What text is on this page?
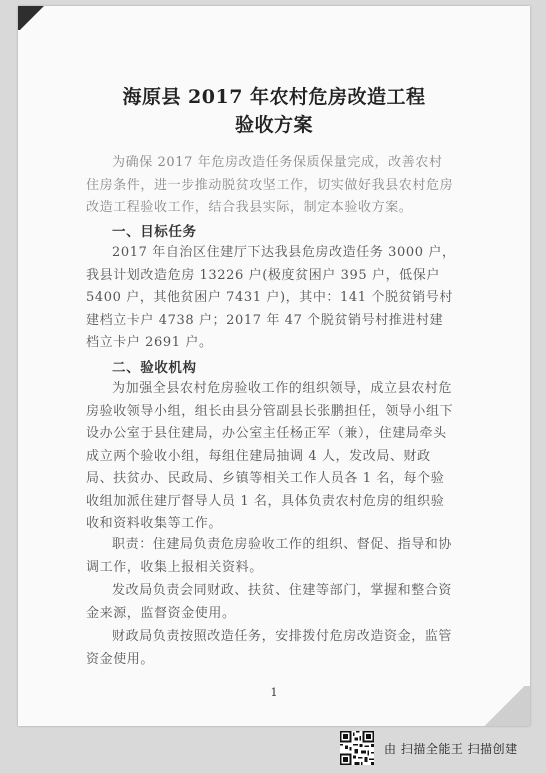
海原县 2017 年农村危房改造工程
验收方案

为确保 2017 年危房改造任务保质保量完成，改善农村住房条件，进一步推动脱贫攻坚工作，切实做好我县农村危房改造工程验收工作，结合我县实际，制定本验收方案。

一、目标任务

2017 年自治区住建厅下达我县危房改造任务 3000 户，我县计划改造危房 13226 户(极度贫困户 395 户，低保户 5400 户，其他贫困户 7431 户)，其中：141 个脱贫销号村建档立卡户 4738 户；2017 年 47 个脱贫销号村推进村建档立卡户 2691 户。

二、验收机构

为加强全县农村危房验收工作的组织领导，成立县农村危房验收领导小组，组长由县分管副县长张鹏担任，领导小组下设办公室于县住建局，办公室主任杨正军（兼），住建局牵头成立两个验收小组，每组住建局抽调 4 人，发改局、财政局、扶贫办、民政局、乡镇等相关工作人员各 1 名，每个验收组加派住建厅督导人员 1 名，具体负责农村危房的组织验收和资料收集等工作。

职责：住建局负责危房验收工作的组织、督促、指导和协调工作，收集上报相关资料。

发改局负责会同财政、扶贫、住建等部门，掌握和整合资金来源，监督资金使用。

财政局负责按照改造任务，安排拨付危房改造资金，监管资金使用。

1
由 扫描全能王 扫描创建
